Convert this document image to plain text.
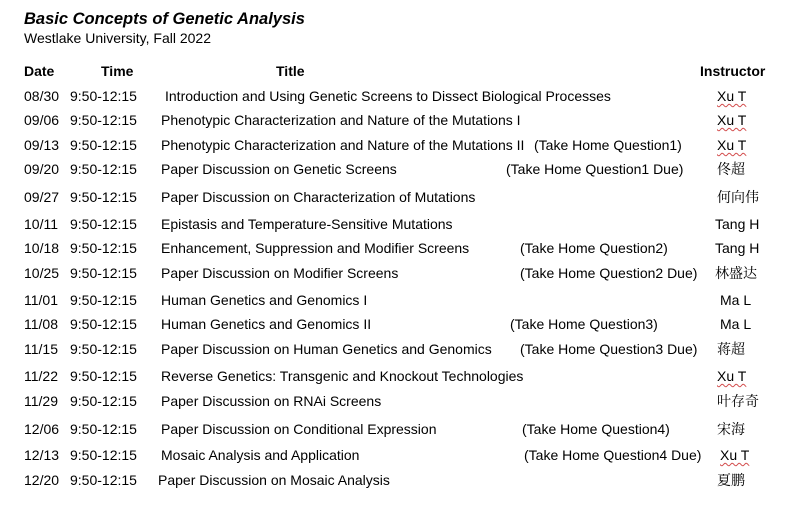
Basic Concepts of Genetic Analysis
Westlake University, Fall 2022
Date	Time	Title	Instructor
08/30 9:50-12:15 Introduction and Using Genetic Screens to Dissect Biological Processes	Xu T
09/06 9:50-12:15 Phenotypic Characterization and Nature of the Mutations I	Xu T
09/13 9:50-12:15 Phenotypic Characterization and Nature of the Mutations II (Take Home Question1)	Xu T
09/20 9:50-12:15 Paper Discussion on Genetic Screens	(Take Home Question1 Due) 佟超
09/27 9:50-12:15 Paper Discussion on Characterization of Mutations	何向伟
10/11 9:50-12:15 Epistasis and Temperature-Sensitive Mutations	Tang H
10/18 9:50-12:15 Enhancement, Suppression and Modifier Screens	(Take Home Question2)	Tang H
10/25 9:50-12:15 Paper Discussion on Modifier Screens	(Take Home Question2 Due) 林盛达
11/01 9:50-12:15 Human Genetics and Genomics I	Ma L
11/08 9:50-12:15 Human Genetics and Genomics II	(Take Home Question3)	Ma L
11/15 9:50-12:15 Paper Discussion on Human Genetics and Genomics (Take Home Question3 Due) 蒋超
11/22 9:50-12:15 Reverse Genetics: Transgenic and Knockout Technologies	Xu T
11/29 9:50-12:15 Paper Discussion on RNAi Screens	叶存奇
12/06 9:50-12:15 Paper Discussion on Conditional Expression	(Take Home Question4)	宋海
12/13 9:50-12:15 Mosaic Analysis and Application	(Take Home Question4 Due) Xu T
12/20 9:50-12:15 Paper Discussion on Mosaic Analysis	夏鹏
